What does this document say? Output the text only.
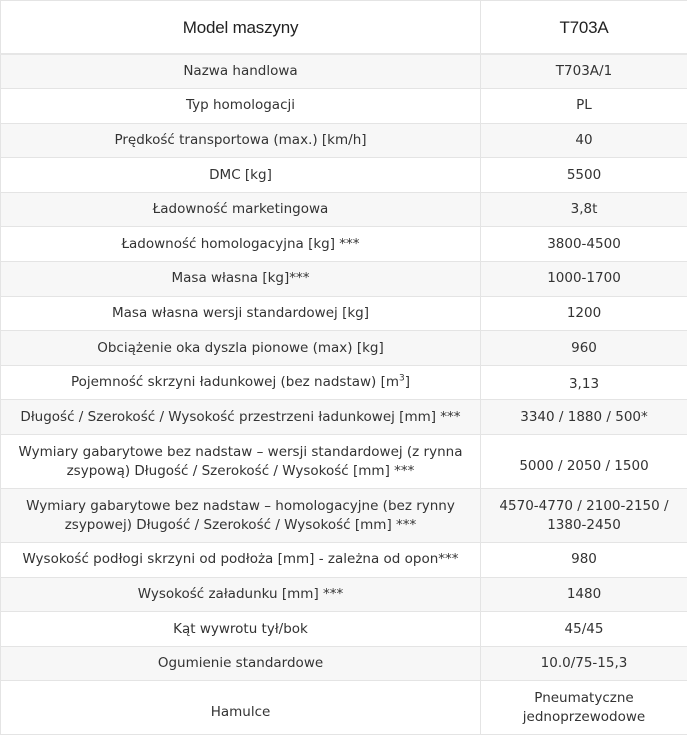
Model maszyny	T703A
Nazwa handlowa	T703A/1
Typ homologacji	PL
Prędkość transportowa (max.) [km/h]	40
DMC [kg]	5500
Ładowność marketingowa	3,8t
Ładowność homologacyjna [kg] ***	3800-4500
Masa własna [kg]***	1000-1700
Masa własna wersji standardowej [kg]	1200
Obciążenie oka dyszla pionowe (max) [kg]	960
Pojemność skrzyni ładunkowej (bez nadstaw) $[m^3]$	3,13
Długość / Szerokość / Wysokość przestrzeni ładunkowej [mm] ***	3340 / 1880 / 500*
Wymiary gabarytowe bez nadstaw – wersji standardowej (z rynna zsypową) Długość / Szerokość / Wysokość [mm] ***	5000 / 2050 / 1500
Wymiary gabarytowe bez nadstaw – homologacyjne (bez rynny zsypowej) Długość / Szerokość / Wysokość [mm] ***	4570-4770 / 2100-2150 / 1380-2450
Wysokość podłogi skrzyni od podłoża [mm] - zależna od opon***	980
Wysokość załadunku [mm] ***	1480
Kąt wywrotu tył/bok	45/45
Ogumienie standardowe	10.0/75-15,3
Hamulce	Pneumatyczne jednoprzewodowe
